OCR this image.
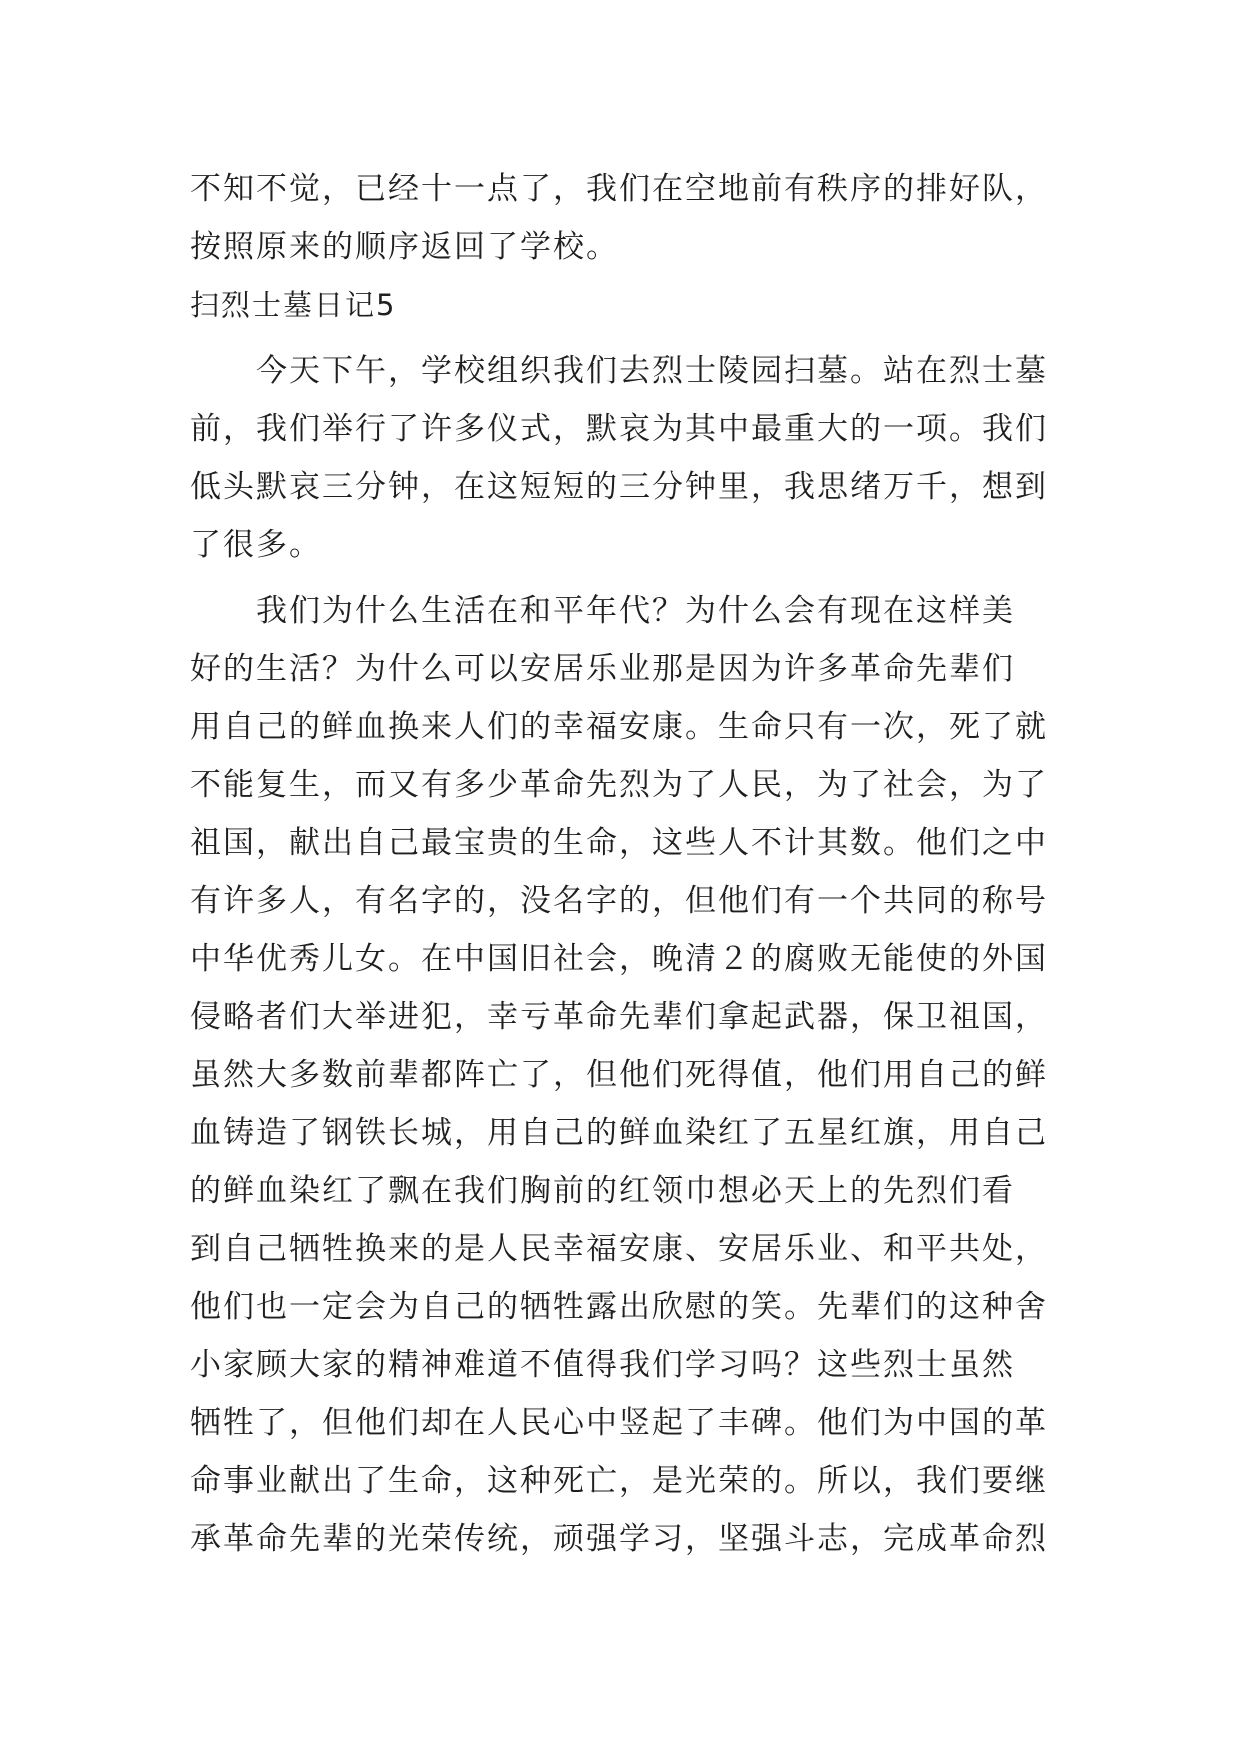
不知不觉，已经十一点了，我们在空地前有秩序的排好队，
按照原来的顺序返回了学校。
扫烈士墓日记5
今天下午，学校组织我们去烈士陵园扫墓。站在烈士墓
前，我们举行了许多仪式，默哀为其中最重大的一项。我们
低头默哀三分钟，在这短短的三分钟里，我思绪万千，想到
了很多。
我们为什么生活在和平年代？为什么会有现在这样美
好的生活？为什么可以安居乐业那是因为许多革命先辈们
用自己的鲜血换来人们的幸福安康。生命只有一次，死了就
不能复生，而又有多少革命先烈为了人民，为了社会，为了
祖国，献出自己最宝贵的生命，这些人不计其数。他们之中
有许多人，有名字的，没名字的，但他们有一个共同的称号
中华优秀儿女。在中国旧社会，晚清２的腐败无能使的外国
侵略者们大举进犯，幸亏革命先辈们拿起武器，保卫祖国，
虽然大多数前辈都阵亡了，但他们死得值，他们用自己的鲜
血铸造了钢铁长城，用自己的鲜血染红了五星红旗，用自己
的鲜血染红了飘在我们胸前的红领巾想必天上的先烈们看
到自己牺牲换来的是人民幸福安康、安居乐业、和平共处，
他们也一定会为自己的牺牲露出欣慰的笑。先辈们的这种舍
小家顾大家的精神难道不值得我们学习吗？这些烈士虽然
牺牲了，但他们却在人民心中竖起了丰碑。他们为中国的革
命事业献出了生命，这种死亡，是光荣的。所以，我们要继
承革命先辈的光荣传统，顽强学习，坚强斗志，完成革命烈
